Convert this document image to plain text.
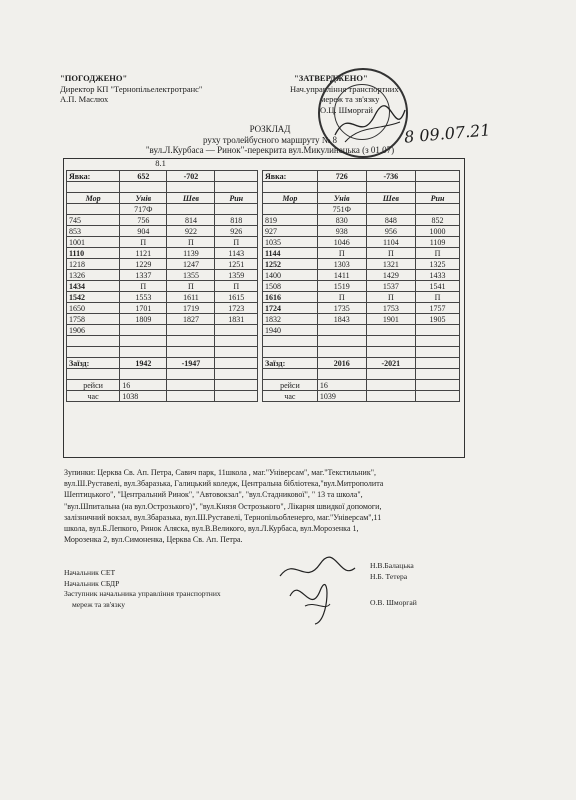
"ПОГОДЖЕНО"
Директор КП "Тернопільелектротранс"
А.П. Маслюх
"ЗАТВЕРДЖЕНО"
Нач.управління транспортних
мереж та зв'язку
О.Ц. Шморгай
8 09.07.21
РОЗКЛАД
руху тролейбусного маршруту № 8
"вул.Л.Курбаса — Ринок"-перекрита вул.Микулинецька (з 01.07)
8.1
Явка:	652	-702	

Мор	Унів	Шев	Рин
	717Ф		
745	756	814	818
853	904	922	926
1001	П	П	П
1110	1121	1139	1143
1218	1229	1247	1251
1326	1337	1355	1359
1434	П	П	П
1542	1553	1611	1615
1650	1701	1719	1723
1758	1809	1827	1831
1906			

Заїзд:	1942	-1947	

рейси	16		
час	1038		
Явка:	726	-736	

Мор	Унів	Шев	Рин
	751Ф		
819	830	848	852
927	938	956	1000
1035	1046	1104	1109
1144	П	П	П
1252	1303	1321	1325
1400	1411	1429	1433
1508	1519	1537	1541
1616	П	П	П
1724	1735	1753	1757
1832	1843	1901	1905
1940			

Заїзд:	2016	-2021	

рейси	16		
час	1039		
Зупинки: Церква Св. Ап. Петра, Савич парк, 11школа , маг."Універсам", маг."Текстильник",
вул.Ш.Руставелі, вул.Збаразька, Галицький коледж, Центральна бібліотека,"вул.Митрополита
Шептицького", "Центральний Ринок", "Автовокзал", "вул.Стадникової", " 13 та школа",
"вул.Шпитальна (на вул.Острозького)", "вул.Князя Острозького", Лікарня швидкої допомоги,
залізничний вокзал, вул.Збаразька, вул.Ш.Руставелі, Тернопільобленерго, маг."Універсам",11
школа, вул.Б.Лепкого, Ринок Аляска, вул.В.Великого, вул.Л.Курбаса, вул.Морозенка 1,
Морозенка 2, вул.Симоненка, Церква Св. Ап. Петра.
Начальник СЕТ
Начальник СБДР
Заступник начальника управління транспортних
мереж та зв'язку
Н.В.Балацька
Н.Б. Тетера
О.В. Шморгай
